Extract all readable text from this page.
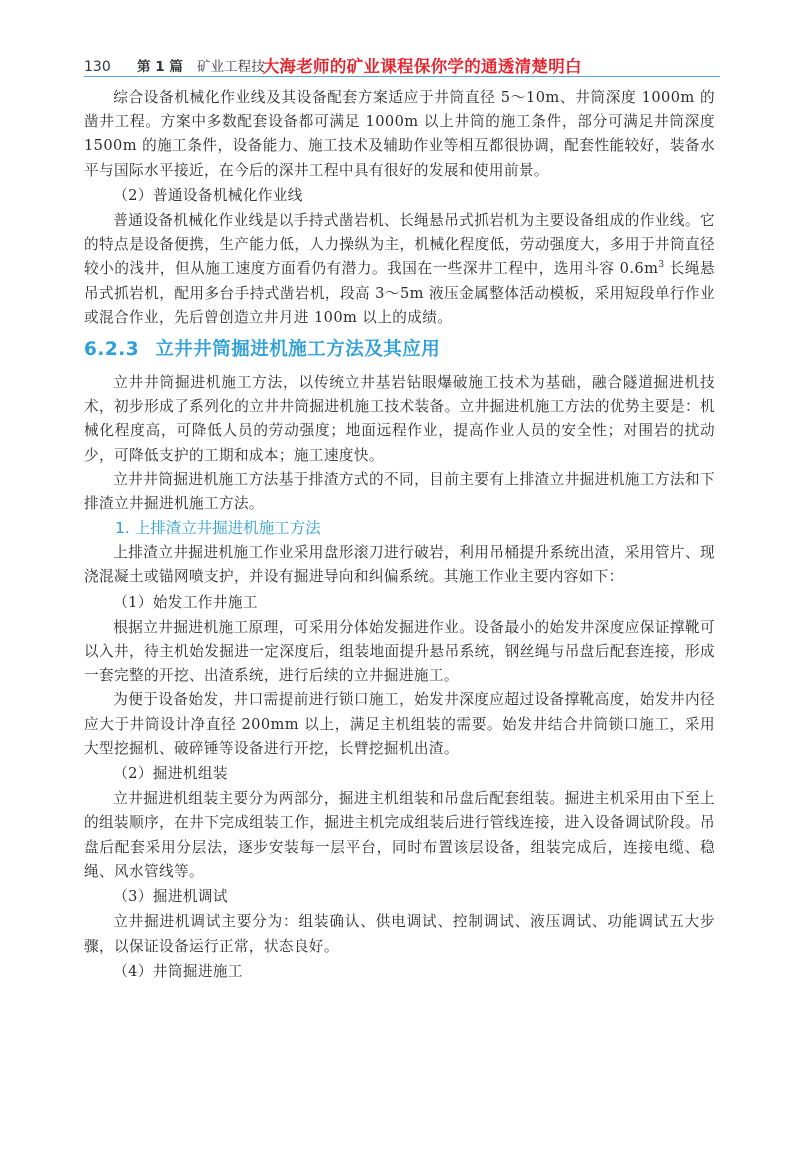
130 第 1 篇 矿业工程技大海老师的矿业课程保你学的通透清楚明白

综合设备机械化作业线及其设备配套方案适应于井筒直径 5～10m、井筒深度 1000m 的凿井工程。方案中多数配套设备都可满足 1000m 以上井筒的施工条件，部分可满足井筒深度 1500m 的施工条件，设备能力、施工技术及辅助作业等相互都很协调，配套性能较好，装备水平与国际水平接近，在今后的深井工程中具有很好的发展和使用前景。

（2）普通设备机械化作业线

普通设备机械化作业线是以手持式凿岩机、长绳悬吊式抓岩机为主要设备组成的作业线。它的特点是设备便携，生产能力低，人力操纵为主，机械化程度低，劳动强度大，多用于井筒直径较小的浅井，但从施工速度方面看仍有潜力。我国在一些深井工程中，选用斗容 $0.6m^3$ 长绳悬吊式抓岩机，配用多台手持式凿岩机，段高 3～5m 液压金属整体活动模板，采用短段单行作业或混合作业，先后曾创造立井月进 100m 以上的成绩。

6.2.3 立井井筒掘进机施工方法及其应用

立井井筒掘进机施工方法，以传统立井基岩钻眼爆破施工技术为基础，融合隧道掘进机技术，初步形成了系列化的立井井筒掘进机施工技术装备。立井掘进机施工方法的优势主要是：机械化程度高，可降低人员的劳动强度；地面远程作业，提高作业人员的安全性；对围岩的扰动少，可降低支护的工期和成本；施工速度快。

立井井筒掘进机施工方法基于排渣方式的不同，目前主要有上排渣立井掘进机施工方法和下排渣立井掘进机施工方法。

1. 上排渣立井掘进机施工方法

上排渣立井掘进机施工作业采用盘形滚刀进行破岩，利用吊桶提升系统出渣，采用管片、现浇混凝土或锚网喷支护，并设有掘进导向和纠偏系统。其施工作业主要内容如下：

（1）始发工作井施工

根据立井掘进机施工原理，可采用分体始发掘进作业。设备最小的始发井深度应保证撑靴可以入井，待主机始发掘进一定深度后，组装地面提升悬吊系统，钢丝绳与吊盘后配套连接，形成一套完整的开挖、出渣系统，进行后续的立井掘进施工。

为便于设备始发，井口需提前进行锁口施工，始发井深度应超过设备撑靴高度，始发井内径应大于井筒设计净直径 200mm 以上，满足主机组装的需要。始发井结合井筒锁口施工，采用大型挖掘机、破碎锤等设备进行开挖，长臂挖掘机出渣。

（2）掘进机组装

立井掘进机组装主要分为两部分，掘进主机组装和吊盘后配套组装。掘进主机采用由下至上的组装顺序，在井下完成组装工作，掘进主机完成组装后进行管线连接，进入设备调试阶段。吊盘后配套采用分层法，逐步安装每一层平台，同时布置该层设备，组装完成后，连接电缆、稳绳、风水管线等。

（3）掘进机调试

立井掘进机调试主要分为：组装确认、供电调试、控制调试、液压调试、功能调试五大步骤，以保证设备运行正常，状态良好。

（4）井筒掘进施工
